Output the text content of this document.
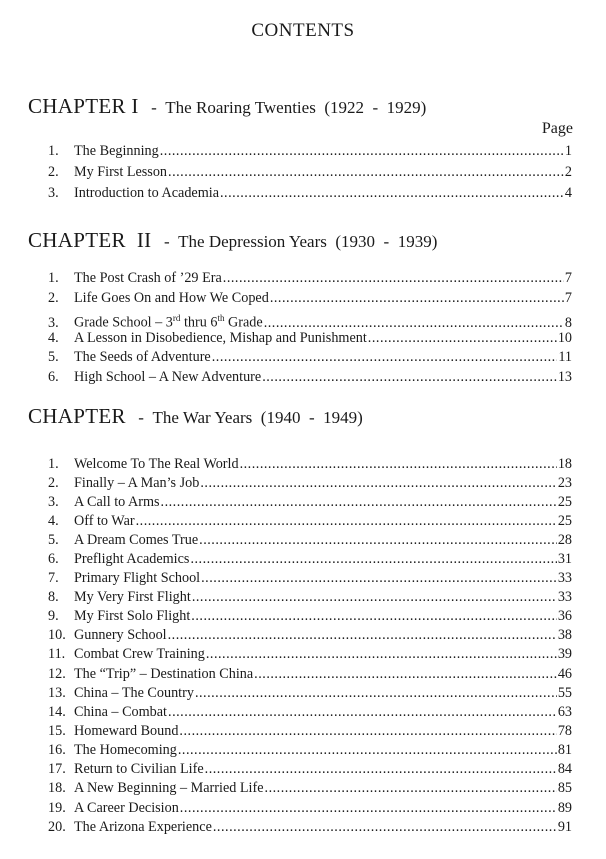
CONTENTS
CHAPTER I - The Roaring Twenties (1922  -  1929)
Page
1.	The Beginning .....	1
2.	My First Lesson .....	2
3.	Introduction to Academia .....	4
CHAPTER  II - The Depression Years (1930  -  1939)
1.	The Post Crash of ’29 Era .....	7
2.	Life Goes On and How We Coped .....	7
3.	Grade School – 3rd thru 6th Grade .....	8
4.	A Lesson in Disobedience, Mishap and Punishment .....	10
5.	The Seeds of Adventure .....	11
6.	High School – A New Adventure .....	13
CHAPTER - The War Years (1940  -  1949)
1.	Welcome To The Real World .....	18
2.	Finally – A Man’s Job .....	23
3.	A Call to Arms .....	25
4.	Off to War .....	25
5.	A Dream Comes True .....	28
6.	Preflight Academics .....	31
7.	Primary Flight School .....	33
8.	My Very First Flight .....	33
9.	My First Solo Flight .....	36
10. Gunnery School .....	38
11. Combat Crew Training .....	39
12. The “Trip” – Destination China .....	46
13. China – The Country .....	55
14. China – Combat .....	63
15. Homeward Bound .....	78
16. The Homecoming .....	81
17. Return to Civilian Life .....	84
18. A New Beginning – Married Life .....	85
19. A Career Decision .....	89
20. The Arizona Experience .....	91
